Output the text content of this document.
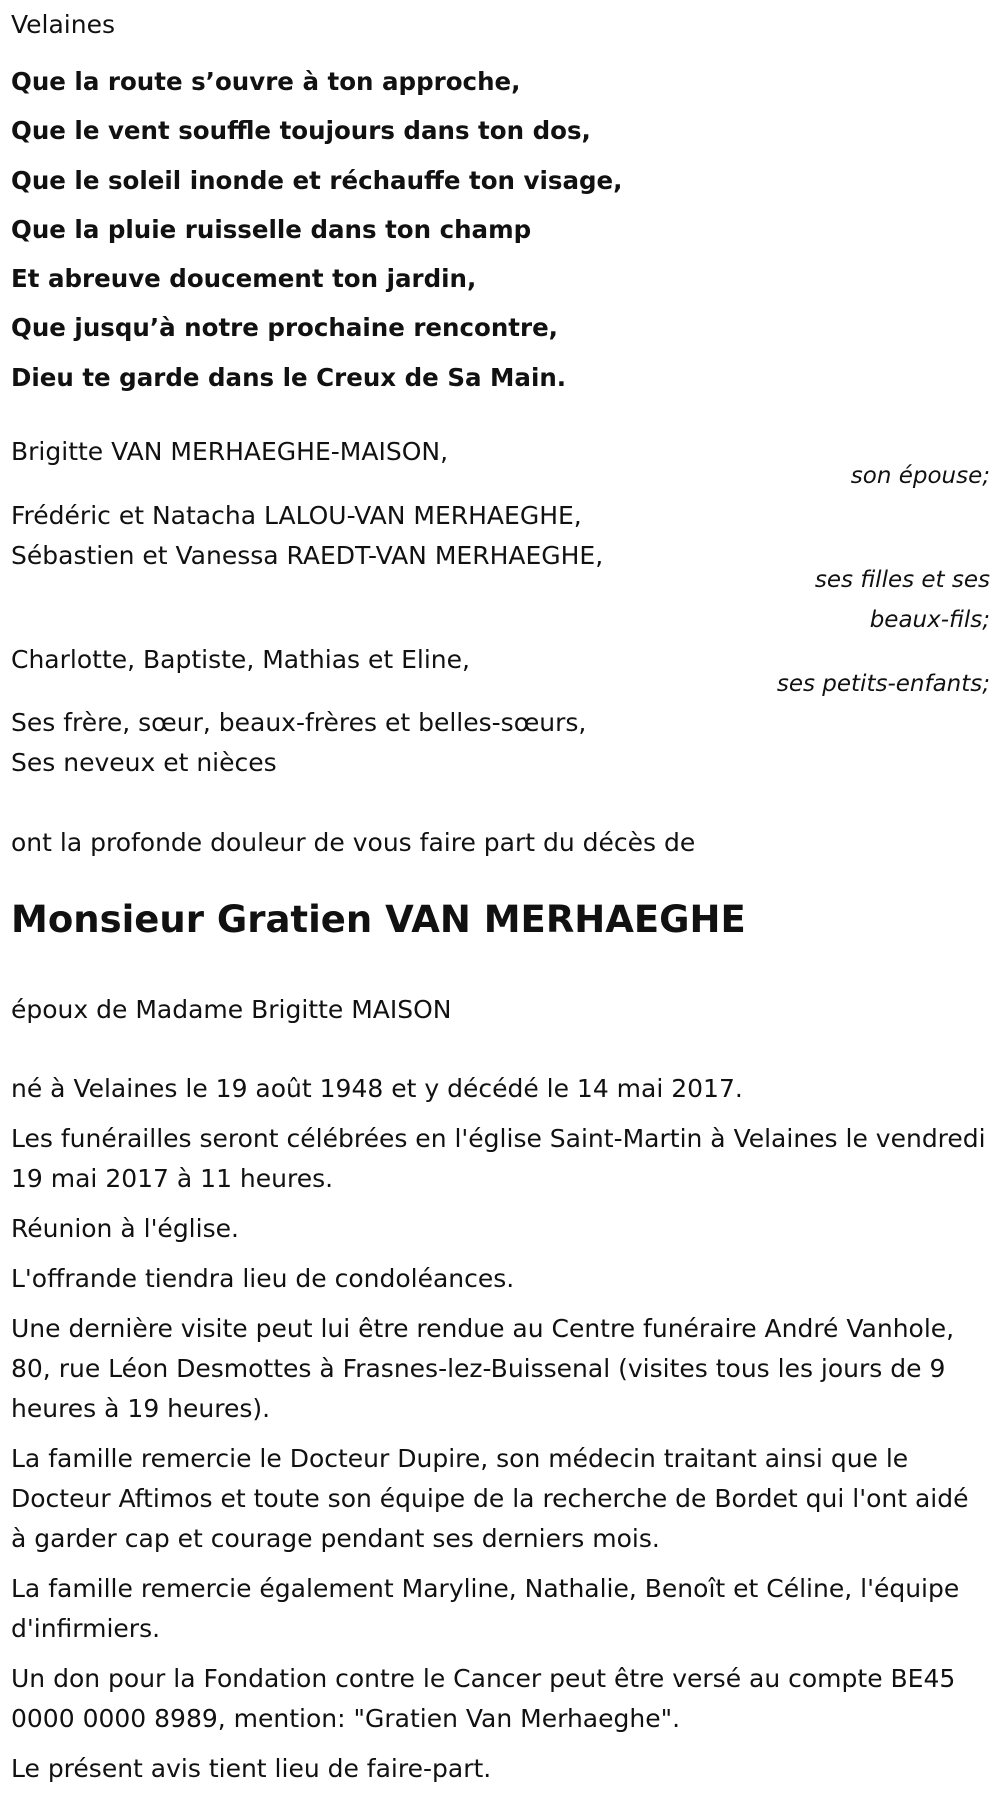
Velaines
Que la route s’ouvre à ton approche,
Que le vent souffle toujours dans ton dos,
Que le soleil inonde et réchauffe ton visage,
Que la pluie ruisselle dans ton champ
Et abreuve doucement ton jardin,
Que jusqu’à notre prochaine rencontre,
Dieu te garde dans le Creux de Sa Main.
Brigitte VAN MERHAEGHE-MAISON,
son épouse;
Frédéric et Natacha LALOU-VAN MERHAEGHE,
Sébastien et Vanessa RAEDT-VAN MERHAEGHE,
ses filles et ses
beaux-fils;
Charlotte, Baptiste, Mathias et Eline,
ses petits-enfants;
Ses frère, sœur, beaux-frères et belles-sœurs,
Ses neveux et nièces
ont la profonde douleur de vous faire part du décès de
Monsieur Gratien VAN MERHAEGHE
époux de Madame Brigitte MAISON
né à Velaines le 19 août 1948 et y décédé le 14 mai 2017.
Les funérailles seront célébrées en l'église Saint-Martin à Velaines le vendredi 19 mai 2017 à 11 heures.
Réunion à l'église.
L'offrande tiendra lieu de condoléances.
Une dernière visite peut lui être rendue au Centre funéraire André Vanhole, 80, rue Léon Desmottes à Frasnes-lez-Buissenal (visites tous les jours de 9 heures à 19 heures).
La famille remercie le Docteur Dupire, son médecin traitant ainsi que le Docteur Aftimos et toute son équipe de la recherche de Bordet qui l'ont aidé à garder cap et courage pendant ses derniers mois.
La famille remercie également Maryline, Nathalie, Benoît et Céline, l'équipe d'infirmiers.
Un don pour la Fondation contre le Cancer peut être versé au compte BE45 0000 0000 8989, mention: "Gratien Van Merhaeghe".
Le présent avis tient lieu de faire-part.
